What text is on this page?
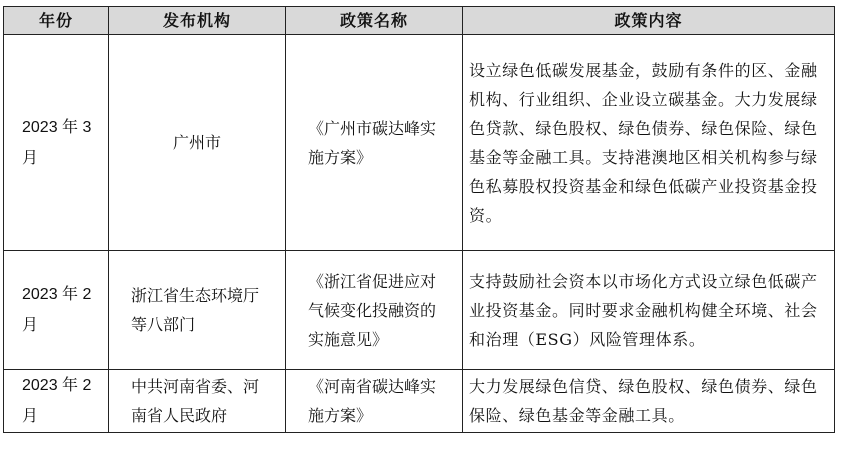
年份	发布机构	政策名称	政策内容
2023 年 3 月	广州市	《广州市碳达峰实施方案》	设立绿色低碳发展基金，鼓励有条件的区、金融机构、行业组织、企业设立碳基金。大力发展绿色贷款、绿色股权、绿色债券、绿色保险、绿色基金等金融工具。支持港澳地区相关机构参与绿色私募股权投资基金和绿色低碳产业投资基金投资。
2023 年 2 月	浙江省生态环境厅等八部门	《浙江省促进应对气候变化投融资的实施意见》	支持鼓励社会资本以市场化方式设立绿色低碳产业投资基金。同时要求金融机构健全环境、社会和治理（ESG）风险管理体系。
2023 年 2 月	中共河南省委、河南省人民政府	《河南省碳达峰实施方案》	大力发展绿色信贷、绿色股权、绿色债券、绿色保险、绿色基金等金融工具。
